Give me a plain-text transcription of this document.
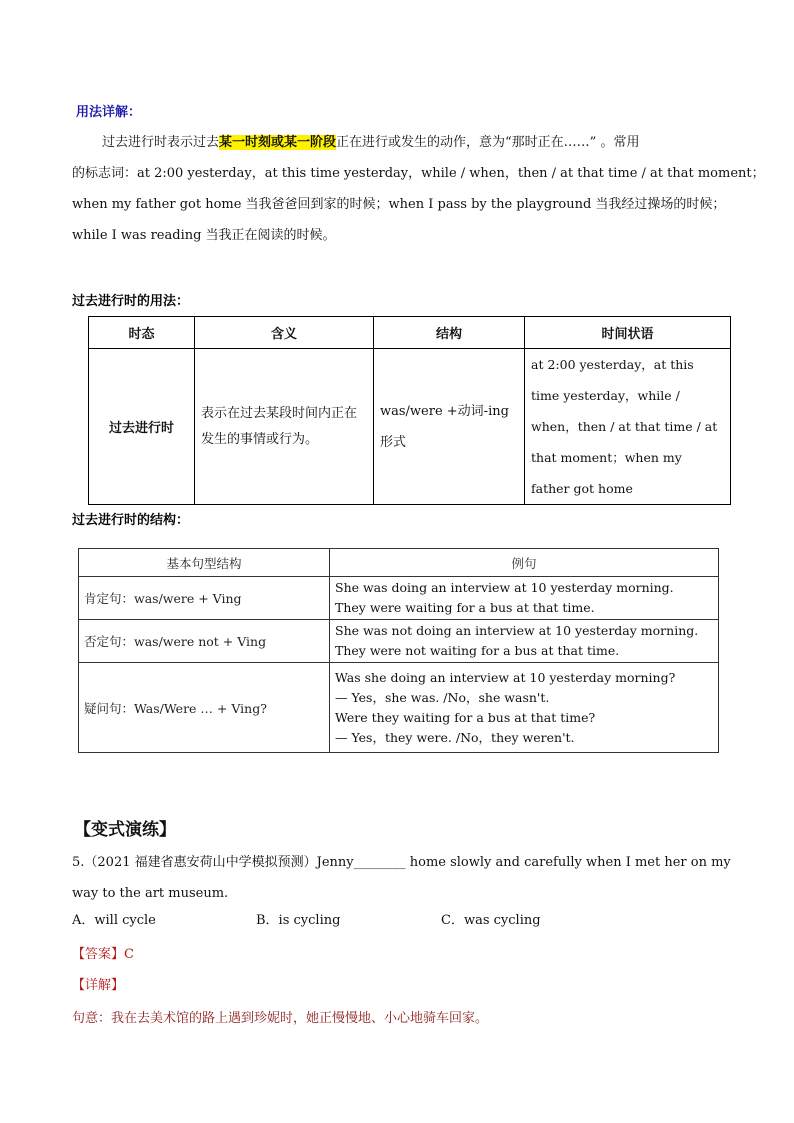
用法详解：
过去进行时表示过去某一时刻或某一阶段正在进行或发生的动作，意为“那时正在……” 。常用
的标志词：at 2:00 yesterday，at this time yesterday，while / when，then / at that time / at that moment；
when my father got home 当我爸爸回到家的时候；when I pass by the playground 当我经过操场的时候；
while I was reading 当我正在阅读的时候。
过去进行时的用法：
时态	含义	结构	时间状语
过去进行时	表示在过去某段时间内正在发生的事情或行为。	was/were +动词-ing 形式	at 2:00 yesterday，at this time yesterday，while / when，then / at that time / at that moment；when my father got home
过去进行时的结构：
基本句型结构	例句
肯定句：was/were + Ving	She was doing an interview at 10 yesterday morning.
They were waiting for a bus at that time.

否定句：was/were not + Ving	She was not doing an interview at 10 yesterday morning.
They were not waiting for a bus at that time.

疑问句：Was/Were … + Ving?	Was she doing an interview at 10 yesterday morning?
— Yes，she was. /No，she wasn't.
Were they waiting for a bus at that time?
— Yes，they were. /No，they weren't.
【变式演练】
5.（2021 福建省惠安荷山中学模拟预测）Jenny________ home slowly and carefully when I met her on my
way to the art museum.
A．will cycle	B．is cycling	C．was cycling
【答案】C
【详解】
句意：我在去美术馆的路上遇到珍妮时，她正慢慢地、小心地骑车回家。
